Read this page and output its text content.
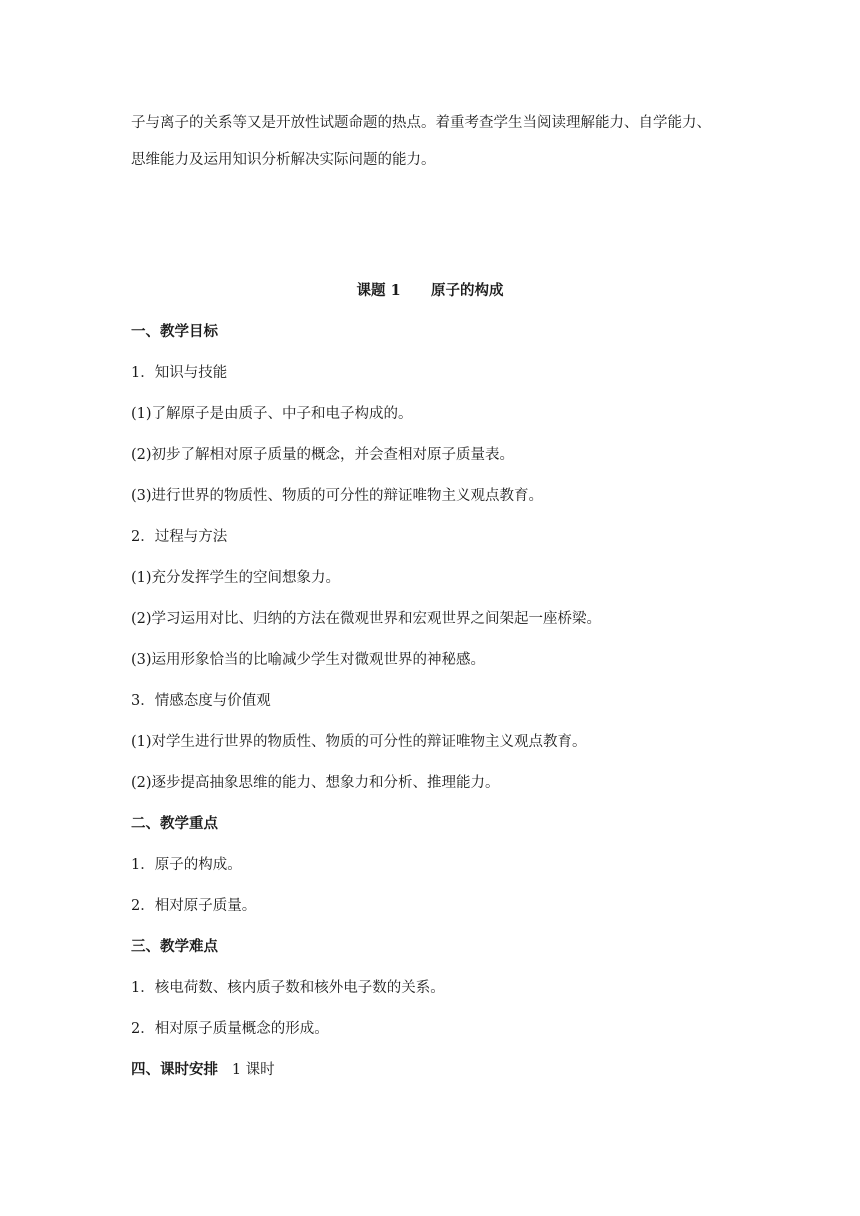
子与离子的关系等又是开放性试题命题的热点。着重考查学生当阅读理解能力、自学能力、

思维能力及运用知识分析解决实际问题的能力。

课题 1      原子的构成

一、教学目标

1．知识与技能

(1)了解原子是由质子、中子和电子构成的。

(2)初步了解相对原子质量的概念，并会查相对原子质量表。

(3)进行世界的物质性、物质的可分性的辩证唯物主义观点教育。

2．过程与方法

(1)充分发挥学生的空间想象力。

(2)学习运用对比、归纳的方法在微观世界和宏观世界之间架起一座桥梁。

(3)运用形象恰当的比喻减少学生对微观世界的神秘感。

3．情感态度与价值观

(1)对学生进行世界的物质性、物质的可分性的辩证唯物主义观点教育。

(2)逐步提高抽象思维的能力、想象力和分析、推理能力。

二、教学重点

1．原子的构成。

2．相对原子质量。

三、教学难点

1．核电荷数、核内质子数和核外电子数的关系。

2．相对原子质量概念的形成。

四、课时安排 1 课时
